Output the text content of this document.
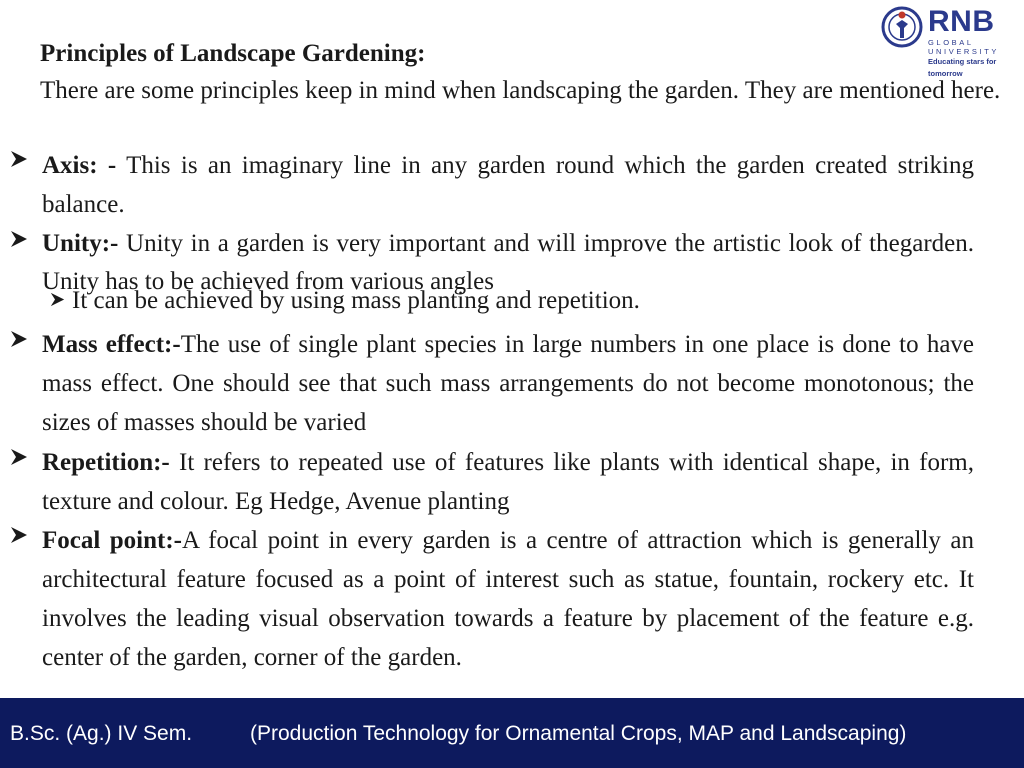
RNB
GLOBAL UNIVERSITY
Educating stars for tomorrow
Principles of Landscape Gardening:
There are some principles keep in mind when landscaping the garden. They are mentioned here.
Axis: - This is an imaginary line in any garden round which the garden created striking balance.
Unity:- Unity in a garden is very important and will improve the artistic look of thegarden. Unity has to be achieved from various angles
It can be achieved by using mass planting and repetition.
Mass effect:-The use of single plant species in large numbers in one place is done to have mass effect. One should see that such mass arrangements do not become monotonous; the sizes of masses should be varied
Repetition:- It refers to repeated use of features like plants with identical shape, in form, texture and colour. Eg Hedge, Avenue planting
Focal point:-A focal point in every garden is a centre of attraction which is generally an architectural feature focused as a point of interest such as statue, fountain, rockery etc. It involves the leading visual observation towards a feature by placement of the feature e.g. center of the garden, corner of the garden.
B.Sc. (Ag.) IV Sem.	(Production Technology for Ornamental Crops, MAP and Landscaping)
